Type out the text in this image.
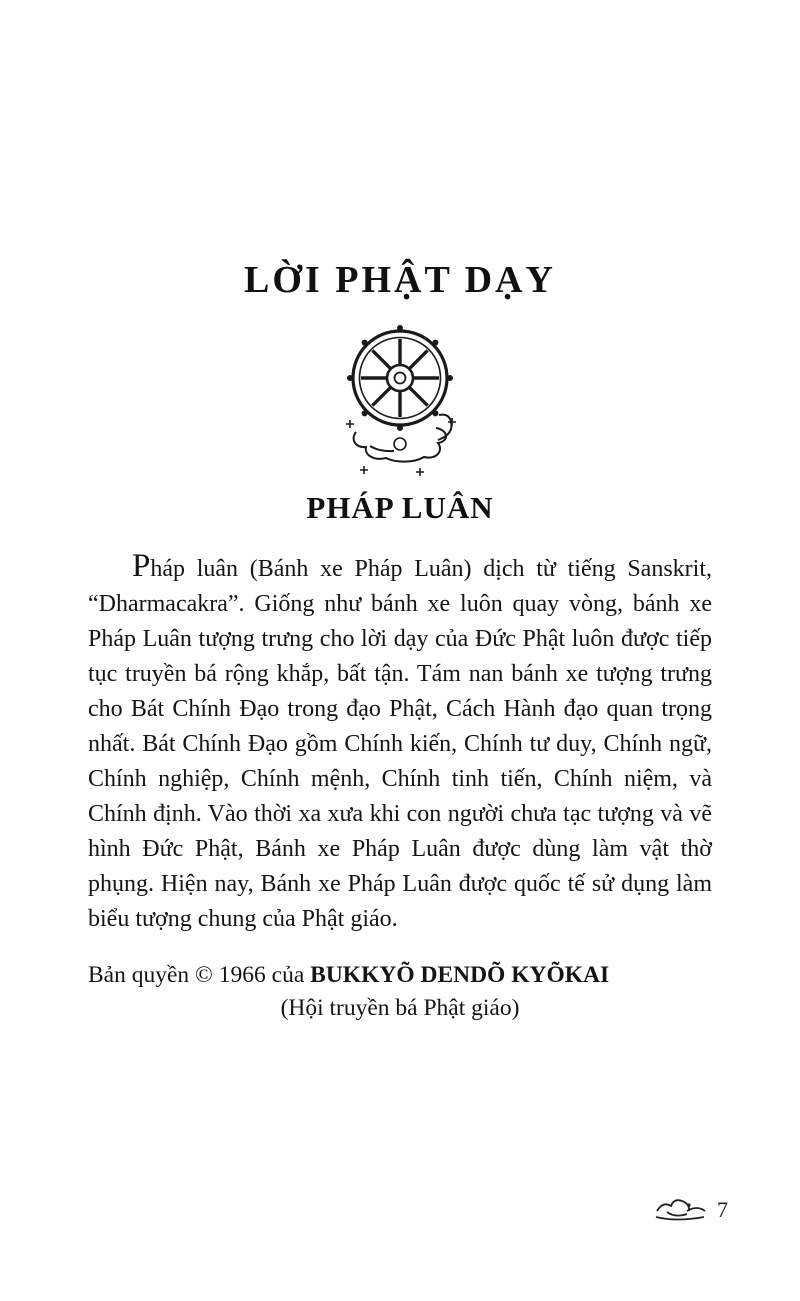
LỜI PHẬT DẠY
PHÁP LUÂN

Pháp luân (Bánh xe Pháp Luân) dịch từ tiếng Sanskrit, “Dharmacakra”. Giống như bánh xe luôn quay vòng, bánh xe Pháp Luân tượng trưng cho lời dạy của Đức Phật luôn được tiếp tục truyền bá rộng khắp, bất tận. Tám nan bánh xe tượng trưng cho Bát Chính Đạo trong đạo Phật, Cách Hành đạo quan trọng nhất. Bát Chính Đạo gồm Chính kiến, Chính tư duy, Chính ngữ, Chính nghiệp, Chính mệnh, Chính tinh tiến, Chính niệm, và Chính định. Vào thời xa xưa khi con người chưa tạc tượng và vẽ hình Đức Phật, Bánh xe Pháp Luân được dùng làm vật thờ phụng. Hiện nay, Bánh xe Pháp Luân được quốc tế sử dụng làm biểu tượng chung của Phật giáo.

Bản quyền © 1966 của BUKKYÕ DENDÕ KYÕKAI

(Hội truyền bá Phật giáo)

7
